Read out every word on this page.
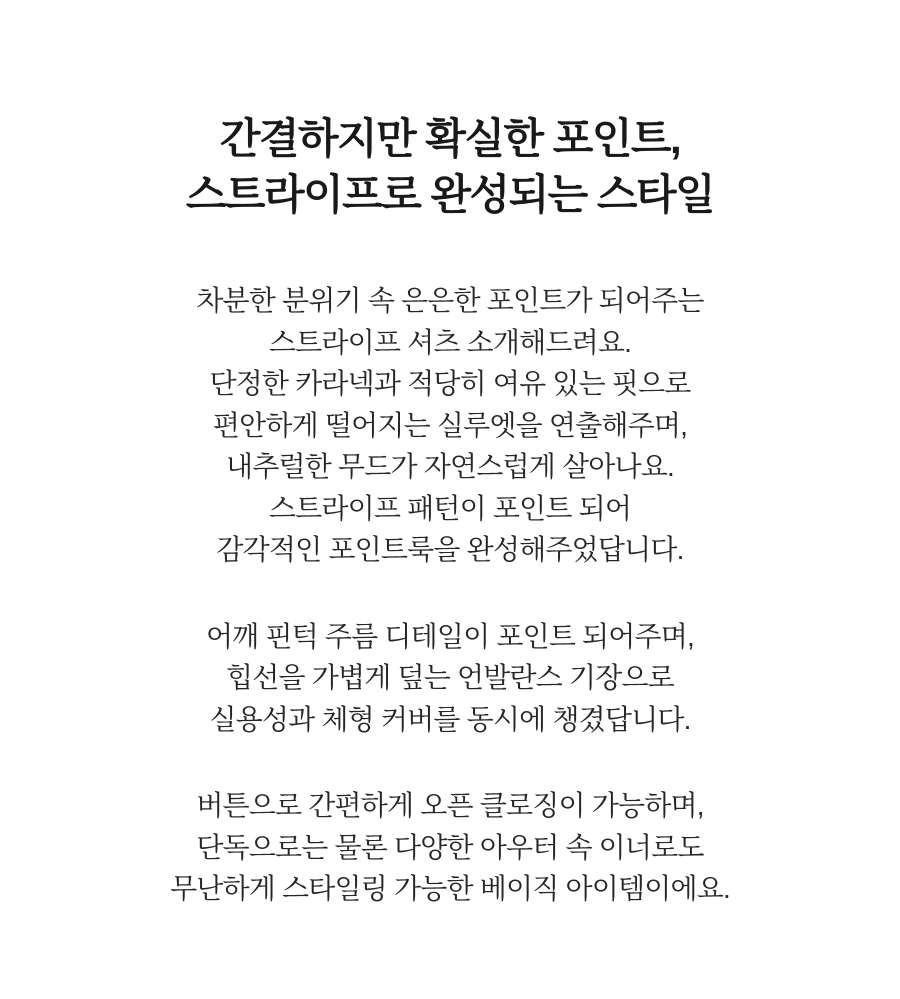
간결하지만 확실한 포인트,
스트라이프로 완성되는 스타일

차분한 분위기 속 은은한 포인트가 되어주는
스트라이프 셔츠 소개해드려요.
단정한 카라넥과 적당히 여유 있는 핏으로
편안하게 떨어지는 실루엣을 연출해주며,
내추럴한 무드가 자연스럽게 살아나요.
스트라이프 패턴이 포인트 되어
감각적인 포인트룩을 완성해주었답니다.

어깨 핀턱 주름 디테일이 포인트 되어주며,
힙선을 가볍게 덮는 언발란스 기장으로
실용성과 체형 커버를 동시에 챙겼답니다.

버튼으로 간편하게 오픈 클로징이 가능하며,
단독으로는 물론 다양한 아우터 속 이너로도
무난하게 스타일링 가능한 베이직 아이템이에요.
